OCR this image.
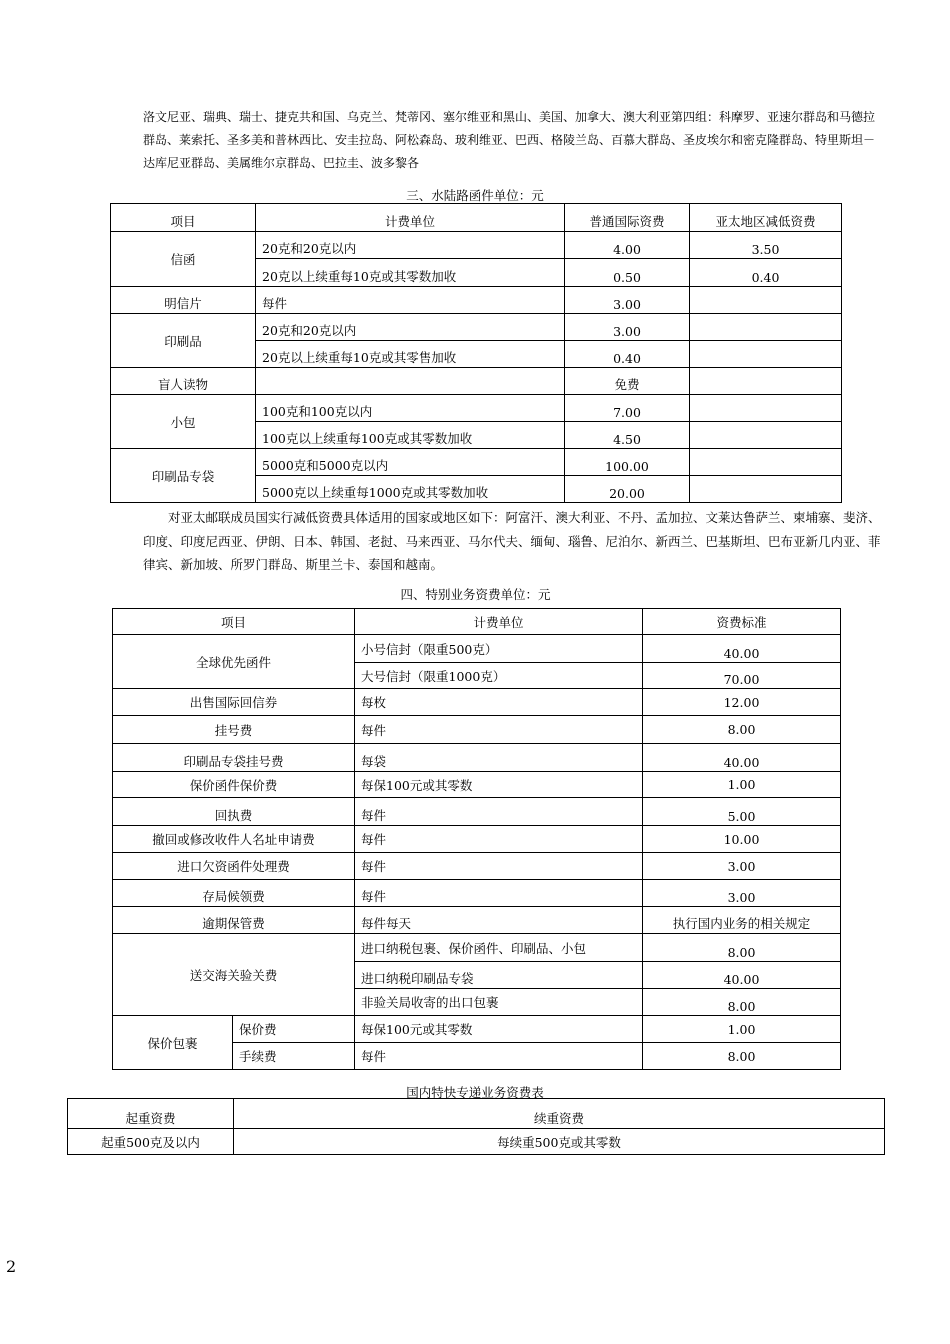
洛文尼亚、瑞典、瑞士、捷克共和国、乌克兰、梵蒂冈、塞尔维亚和黑山、美国、加拿大、澳大利亚第四组：科摩罗、亚速尔群岛和马德拉群岛、莱索托、圣多美和普林西比、安圭拉岛、阿松森岛、玻利维亚、巴西、格陵兰岛、百慕大群岛、圣皮埃尔和密克隆群岛、特里斯坦－达库尼亚群岛、美属维尔京群岛、巴拉圭、波多黎各
三、水陆路函件单位：元
项目	计费单位	普通国际资费	亚太地区减低资费
信函	20克和20克以内	4.00	3.50
	20克以上续重每10克或其零数加收	0.50	0.40
明信片	每件	3.00	
印刷品	20克和20克以内	3.00	
	20克以上续重每10克或其零售加收	0.40	
盲人读物		免费	
小包	100克和100克以内	7.00	
	100克以上续重每100克或其零数加收	4.50	
印刷品专袋	5000克和5000克以内	100.00	
	5000克以上续重每1000克或其零数加收	20.00	
对亚太邮联成员国实行减低资费具体适用的国家或地区如下：阿富汗、澳大利亚、不丹、孟加拉、文莱达鲁萨兰、柬埔寨、斐济、印度、印度尼西亚、伊朗、日本、韩国、老挝、马来西亚、马尔代夫、缅甸、瑙鲁、尼泊尔、新西兰、巴基斯坦、巴布亚新几内亚、菲律宾、新加坡、所罗门群岛、斯里兰卡、泰国和越南。
四、特别业务资费单位：元
项目		计费单位	资费标准
全球优先函件		小号信封（限重500克）	40.00
		大号信封（限重1000克）	70.00
出售国际回信券		每枚	12.00
挂号费		每件	8.00
印刷品专袋挂号费		每袋	40.00
保价函件保价费		每保100元或其零数	1.00
回执费		每件	5.00
撤回或修改收件人名址申请费		每件	10.00
进口欠资函件处理费		每件	3.00
存局候领费		每件	3.00
逾期保管费		每件每天	执行国内业务的相关规定
送交海关验关费		进口纳税包裹、保价函件、印刷品、小包	8.00
		进口纳税印刷品专袋	40.00
		非验关局收寄的出口包裹	8.00
保价包裹	保价费	每保100元或其零数	1.00
	手续费	每件	8.00
国内特快专递业务资费表
起重资费	续重资费
起重500克及以内	每续重500克或其零数
2
